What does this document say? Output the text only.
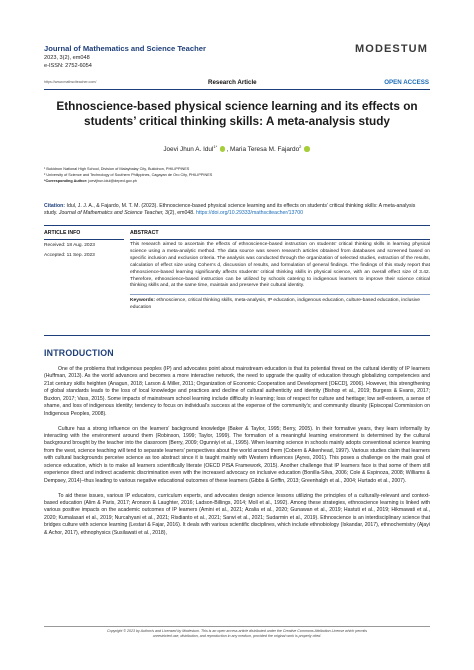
Journal of Mathematics and Science Teacher
2023, 3(2), em048
e-ISSN: 2752-6054
https://www.mathsciteacher.com/
MODESTUM
Research Article	OPEN ACCESS
Ethnoscience-based physical science learning and its effects on students’ critical thinking skills: A meta-analysis study
Joevi Jhun A. Idul$^{1*}$ , Maria Teresa M. Fajardo$^2$
¹ Bukidnon National High School, Division of Malaybalay City, Bukidnon, PHILIPPINES
² University of Science and Technology of Southern Philippines, Cagayan de Oro City, PHILIPPINES
*Corresponding Author: joevijhun.idul@deped.gov.ph
Citation: Idul, J. J. A., & Fajardo, M. T. M. (2023). Ethnoscience-based physical science learning and its effects on students’ critical thinking skills: A meta-analysis study. Journal of Mathematics and Science Teacher, 3(2), em048. https://doi.org/10.29333/mathsciteacher/13700
ARTICLE INFO
Received: 18 Aug. 2023
Accepted: 11 Sep. 2023
ABSTRACT
This research aimed to ascertain the effects of ethnoscience-based instruction on students’ critical thinking skills in learning physical science using a meta-analytic method. The data source was seven research articles obtained from databases and screened based on specific inclusion and exclusion criteria. The analysis was conducted through the organization of selected studies, extraction of the results, calculation of effect size using Cohen’s d, discussion of results, and formulation of general findings. The findings of this study report that ethnoscience-based learning significantly affects students’ critical thinking skills in physical science, with an overall effect size of 3.42. Therefore, ethnoscience-based instruction can be utilized by schools catering to indigenous learners to improve their science critical thinking skills and, at the same time, maintain and preserve their cultural identity.
Keywords: ethnoscience, critical thinking skills, meta-analysis, IP education, indigenous education, culture-based education, inclusive education
INTRODUCTION

One of the problems that indigenous peoples (IP) and advocates point about mainstream education is that its potential threat on the cultural identity of IP learners (Huffman, 2013). As the world advances and becomes a more interactive network, the need to upgrade the quality of education through globalizing competencies and 21st century skills heighten (Anagun, 2018; Larson & Miller, 2011; Organization of Economic Cooperation and Development [OECD], 2006). However, this strengthening of global standards leads to the loss of local knowledge and practices and decline of cultural authenticity and identity (Bishop et al., 2019; Burgess & Evans, 2017; Buxton, 2017; Vass, 2015). Some impacts of mainstream school learning include difficulty in learning; loss of respect for culture and heritage; low self-esteem, a sense of shame, and loss of indigenous identity; tendency to focus on individual’s success at the expense of the community’s; and community disunity (Episcopal Commission on Indigenous Peoples, 2008).

Culture has a strong influence on the learners’ background knowledge (Baker & Taylor, 1995; Berry, 2005). In their formative years, they learn informally by interacting with the environment around them (Robinson, 1999; Taylor, 1999). The formation of a meaningful learning environment is determined by the cultural background brought by the teacher into the classroom (Berry, 2009; Ogunniyi et al., 1995). When learning science in schools mainly adopts conventional science learning from the west, science teaching will tend to separate learners’ perspectives about the world around them (Cobern & Aikenhead, 1997). Various studies claim that learners with cultural backgrounds perceive science as too abstract since it is taught mainly with Western influences (Ayres, 2001). This poses a challenge on the main goal of science education, which is to make all learners scientifically literate (OECD PISA Framework, 2015). Another challenge that IP learners face is that some of them still experience direct and indirect academic discrimination even with the increased advocacy on inclusive education (Bonilla-Silva, 2006; Cole & Espinoza, 2008; Williams & Dempsey, 2014)–thus leading to various negative educational outcomes of these learners (Gibbs & Griffin, 2013; Greenhalgh et al., 2004; Hurtado et al., 2007).

To aid these issues, various IP educators, curriculum experts, and advocates design science lessons utilizing the principles of a culturally-relevant and context-based education (Alim & Paris, 2017; Aronson & Laughter, 2016; Ladson-Billings, 2014; Moll et al., 1992). Among these strategies, ethnoscience learning is linked with various positive impacts on the academic outcomes of IP learners (Amini et al., 2021; Azalia et al., 2020; Gunawan et al., 2019; Hastuti et al., 2019; Hikmawati et al., 2020; Kumalasari et al., 2019; Nurcahyani et al., 2021; Risdianto et al., 2021; Sarwi et al., 2021; Sudarmin et al., 2019). Ethnoscience is an interdisciplinary science that bridges culture with science learning (Lestari & Fajar, 2016). It deals with various scientific disciplines, which include ethnobiology (Iskandar, 2017), ethnochemistry (Ajayi & Achor, 2017), ethnophysics (Susilawati et al., 2018),

Copyright © 2023 by Author/s and Licensed by Modestum. This is an open access article distributed under the Creative Commons Attribution License which permits
unrestricted use, distribution, and reproduction in any medium, provided the original work is properly cited.
